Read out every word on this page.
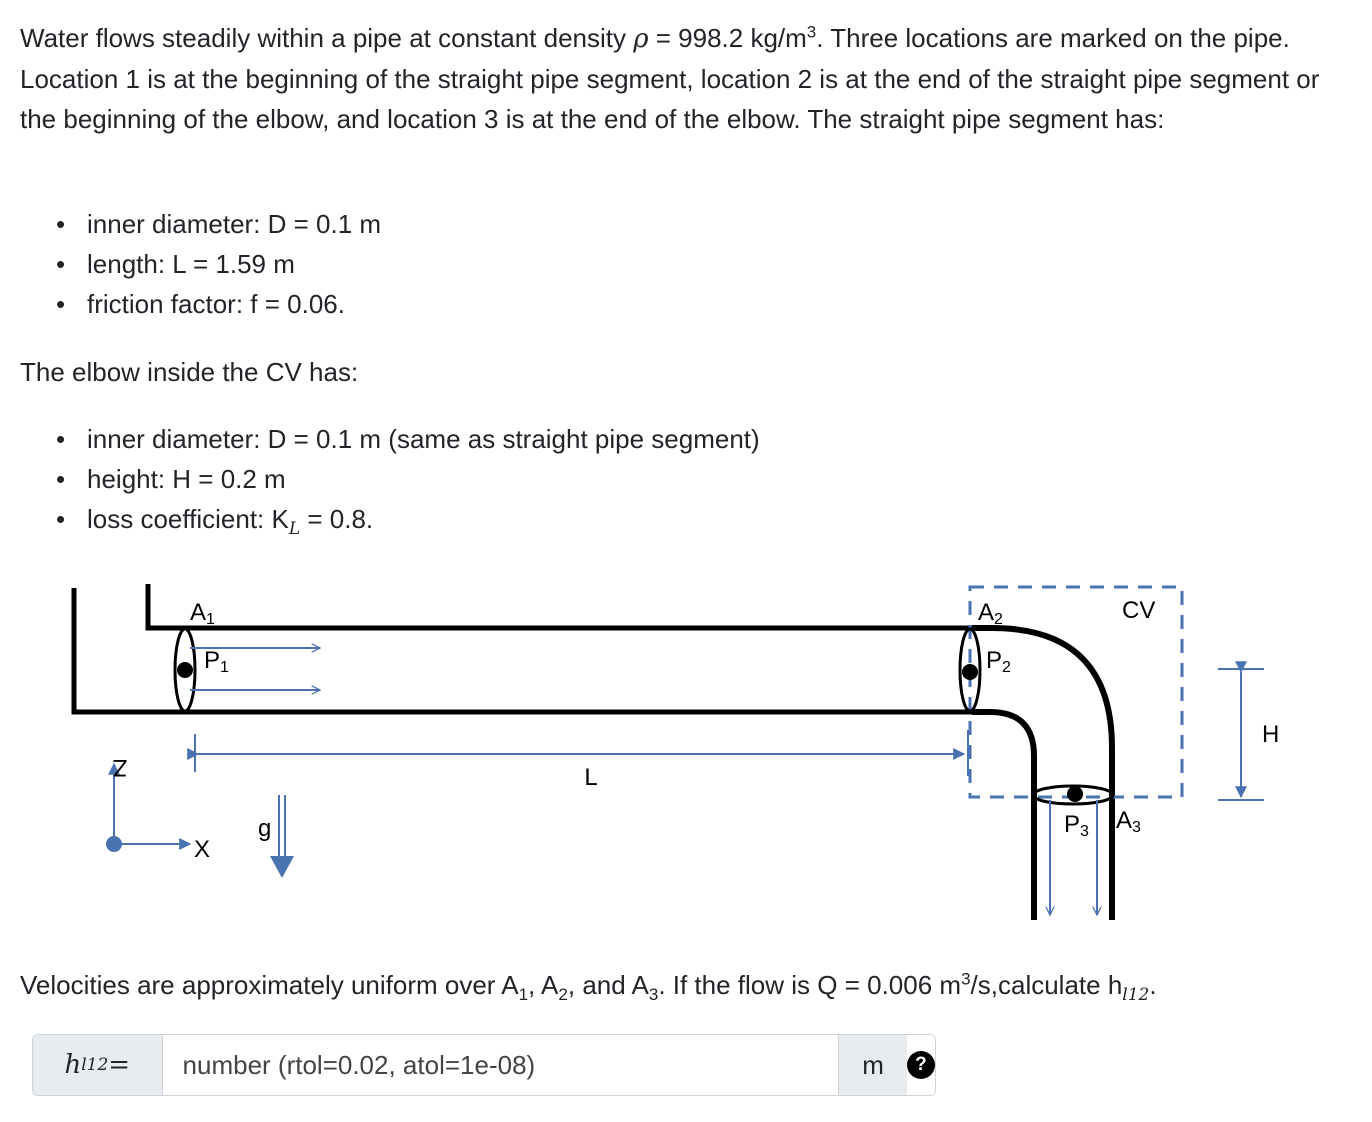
Water flows steadily within a pipe at constant density ρ = 998.2 $kg/m^3$. Three locations are marked on the pipe. Location 1 is at the beginning of the straight pipe segment, location 2 is at the end of the straight pipe segment or the beginning of the elbow, and location 3 is at the end of the elbow. The straight pipe segment has:

• inner diameter: D = 0.1 m
• length: L = 1.59 m
• friction factor: f = 0.06.

The elbow inside the CV has:

• inner diameter: D = 0.1 m (same as straight pipe segment)
• height: H = 0.2 m
• loss coefficient: $K_L = 0.8$.
L
H
Z
X
g
A1
P1
A2
P2
CV
P3 A3

Velocities are approximately uniform over $A_1$, $A_2$, and $A_3$. If the flow is Q = 0.006 $m^3/s,calculate$ $h_{l12}$.

h l12 =
number (rtol=0.02, atol=1e-08)	m	?
